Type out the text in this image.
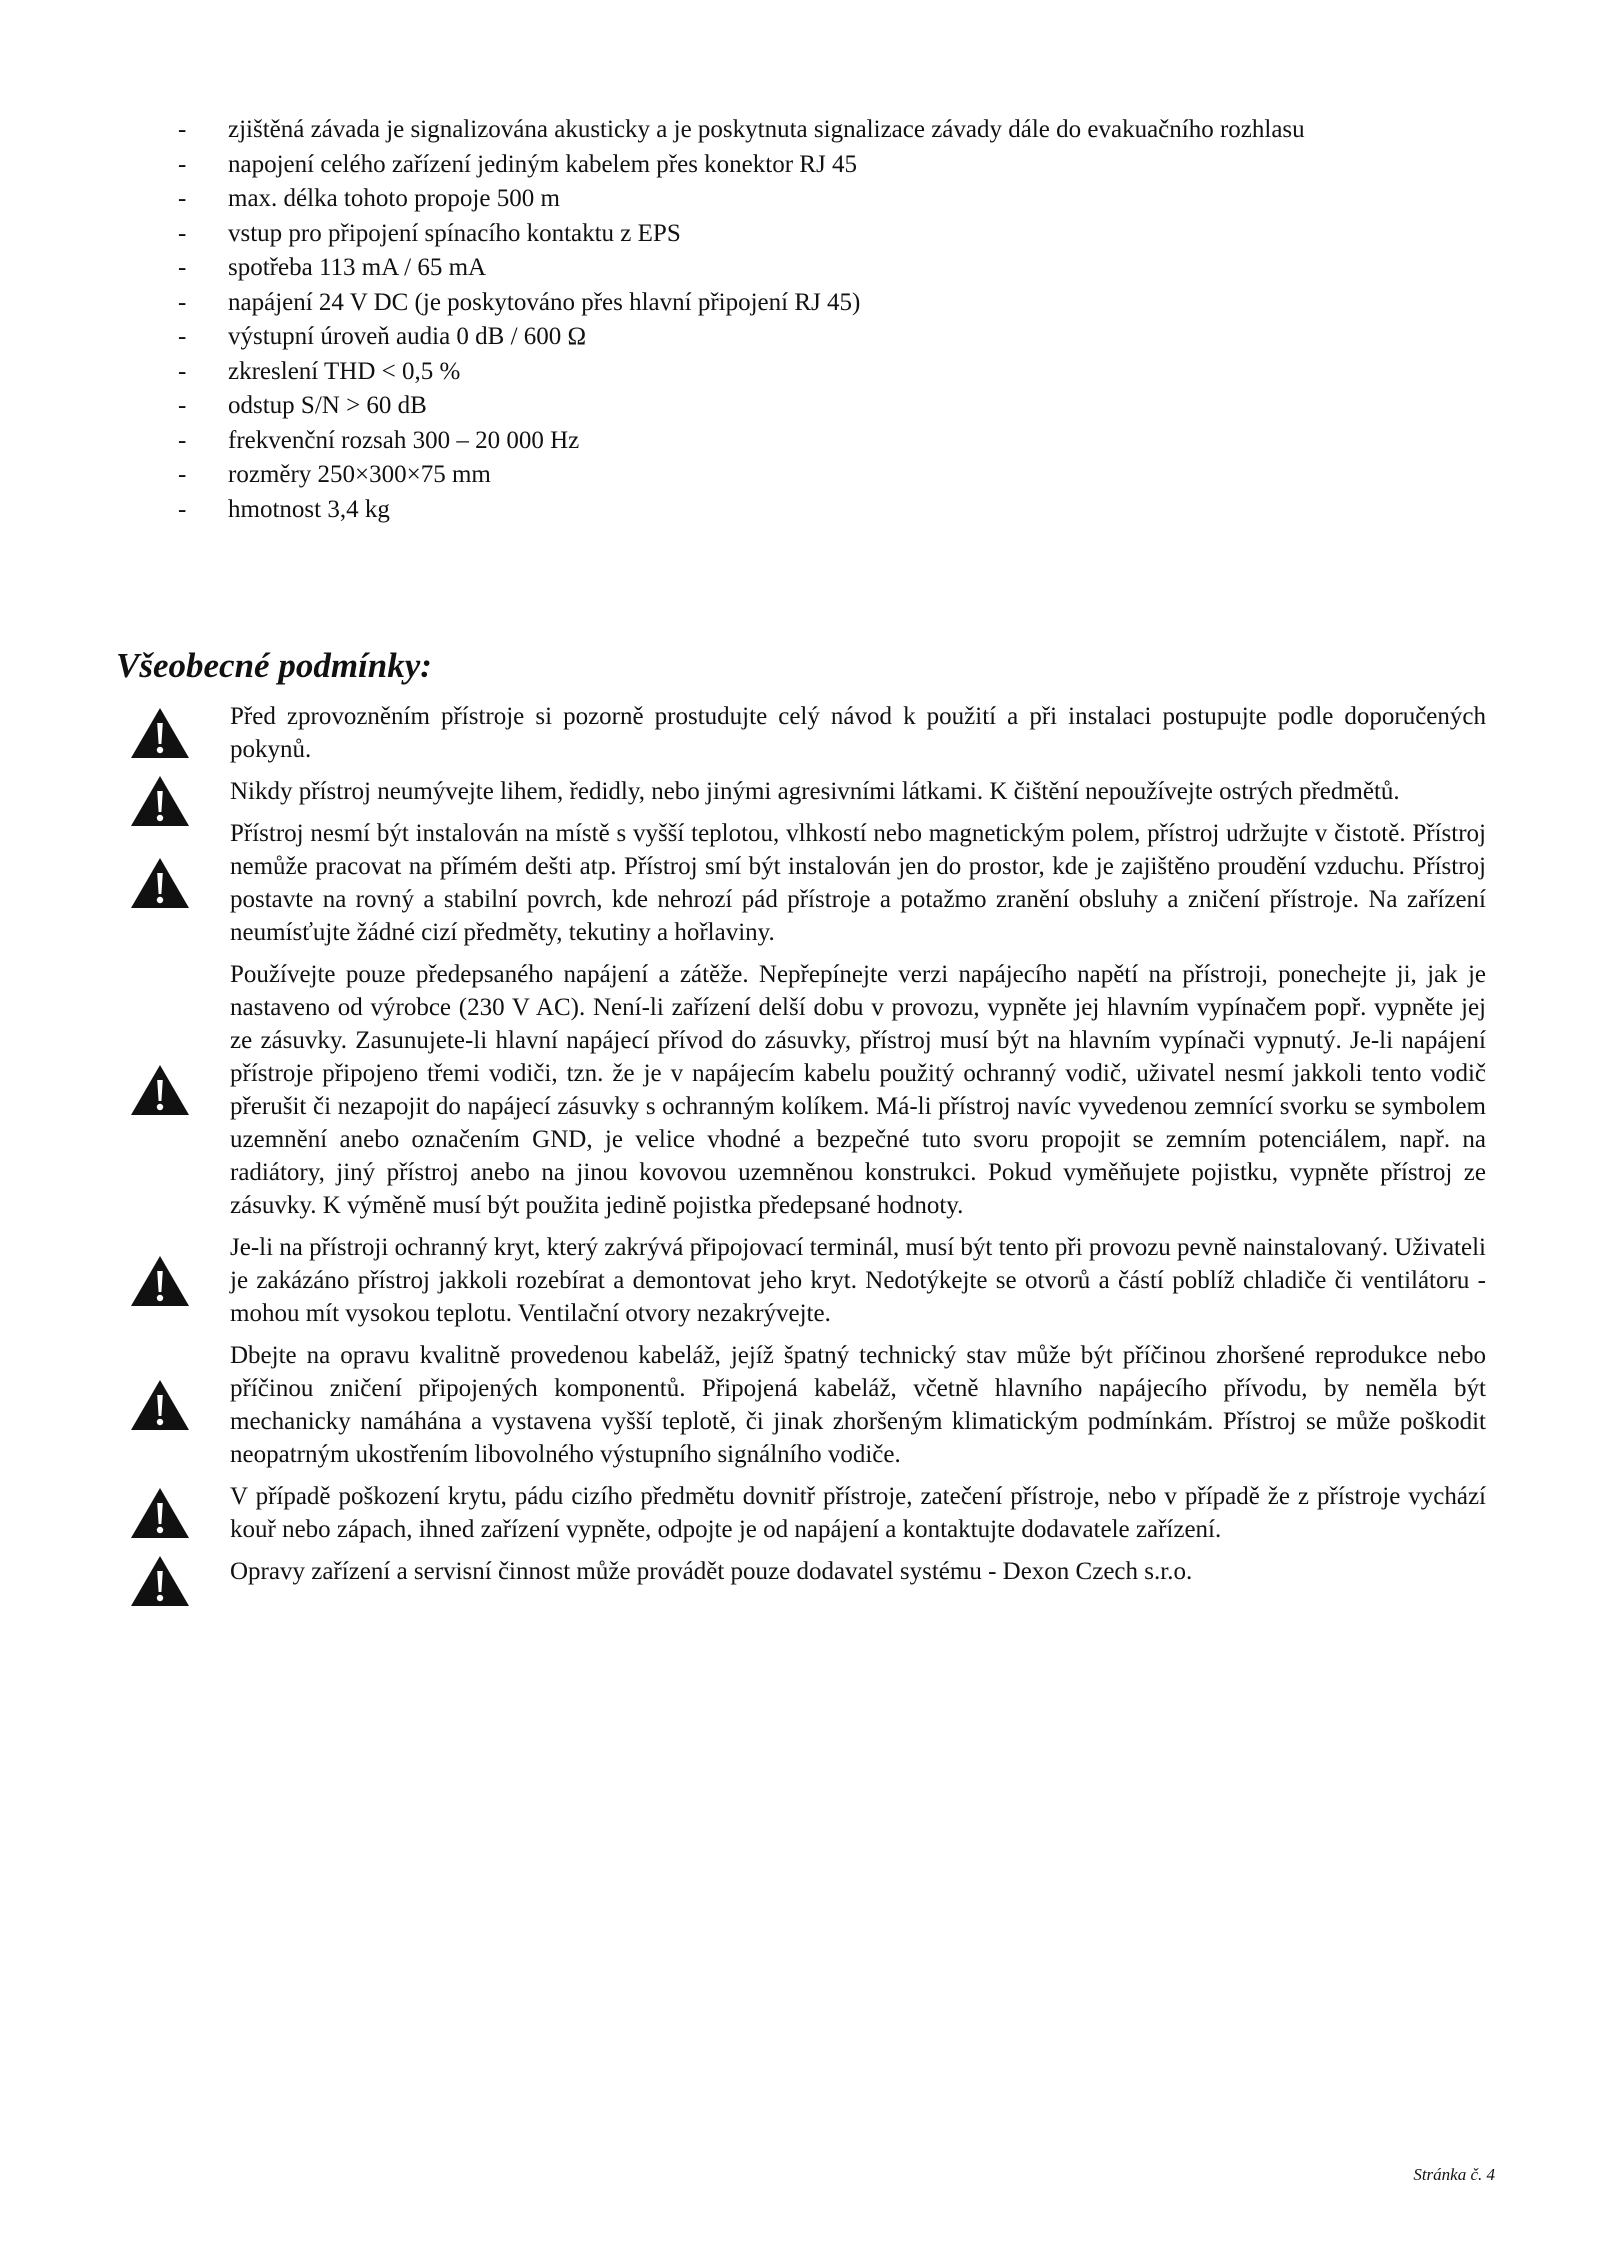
- zjištěná závada je signalizována akusticky a je poskytnuta signalizace závady dále do evakuačního rozhlasu
- napojení celého zařízení jediným kabelem přes konektor RJ 45
- max. délka tohoto propoje 500 m
- vstup pro připojení spínacího kontaktu z EPS
- spotřeba 113 mA / 65 mA
- napájení 24 V DC (je poskytováno přes hlavní připojení RJ 45)
- výstupní úroveň audia 0 dB / 600 Ω
- zkreslení THD < 0,5 %
- odstup S/N > 60 dB
- frekvenční rozsah 300 – 20 000 Hz
- rozměry 250×300×75 mm
- hmotnost 3,4 kg
Všeobecné podmínky:
Před zprovozněním přístroje si pozorně prostudujte celý návod k použití a při instalaci postupujte podle doporučených pokynů.
Nikdy přístroj neumývejte lihem, ředidly, nebo jinými agresivními látkami. K čištění nepoužívejte ostrých předmětů.
Přístroj nesmí být instalován na místě s vyšší teplotou, vlhkostí nebo magnetickým polem, přístroj udržujte v čistotě. Přístroj nemůže pracovat na přímém dešti atp. Přístroj smí být instalován jen do prostor, kde je zajištěno proudění vzduchu. Přístroj postavte na rovný a stabilní povrch, kde nehrozí pád přístroje a potažmo zranění obsluhy a zničení přístroje. Na zařízení neumísťujte žádné cizí předměty, tekutiny a hořlaviny.
Používejte pouze předepsaného napájení a zátěže. Nepřepínejte verzi napájecího napětí na přístroji, ponechejte ji, jak je nastaveno od výrobce (230 V AC). Není-li zařízení delší dobu v provozu, vypněte jej hlavním vypínačem popř. vypněte jej ze zásuvky. Zasunujete-li hlavní napájecí přívod do zásuvky, přístroj musí být na hlavním vypínači vypnutý. Je-li napájení přístroje připojeno třemi vodiči, tzn. že je v napájecím kabelu použitý ochranný vodič, uživatel nesmí jakkoli tento vodič přerušit či nezapojit do napájecí zásuvky s ochranným kolíkem. Má-li přístroj navíc vyvedenou zemnící svorku se symbolem uzemnění anebo označením GND, je velice vhodné a bezpečné tuto svoru propojit se zemním potenciálem, např. na radiátory, jiný přístroj anebo na jinou kovovou uzemněnou konstrukci. Pokud vyměňujete pojistku, vypněte přístroj ze zásuvky. K výměně musí být použita jedině pojistka předepsané hodnoty.
Je-li na přístroji ochranný kryt, který zakrývá připojovací terminál, musí být tento při provozu pevně nainstalovaný. Uživateli je zakázáno přístroj jakkoli rozebírat a demontovat jeho kryt. Nedotýkejte se otvorů a částí poblíž chladiče či ventilátoru - mohou mít vysokou teplotu. Ventilační otvory nezakrývejte.
Dbejte na opravu kvalitně provedenou kabeláž, jejíž špatný technický stav může být příčinou zhoršené reprodukce nebo příčinou zničení připojených komponentů. Připojená kabeláž, včetně hlavního napájecího přívodu, by neměla být mechanicky namáhána a vystavena vyšší teplotě, či jinak zhoršeným klimatickým podmínkám. Přístroj se může poškodit neopatrným ukostřením libovolného výstupního signálního vodiče.
V případě poškození krytu, pádu cizího předmětu dovnitř přístroje, zatečení přístroje, nebo v případě že z přístroje vychází kouř nebo zápach, ihned zařízení vypněte, odpojte je od napájení a kontaktujte dodavatele zařízení.
Opravy zařízení a servisní činnost může provádět pouze dodavatel systému - Dexon Czech s.r.o.
Stránka č. 4
